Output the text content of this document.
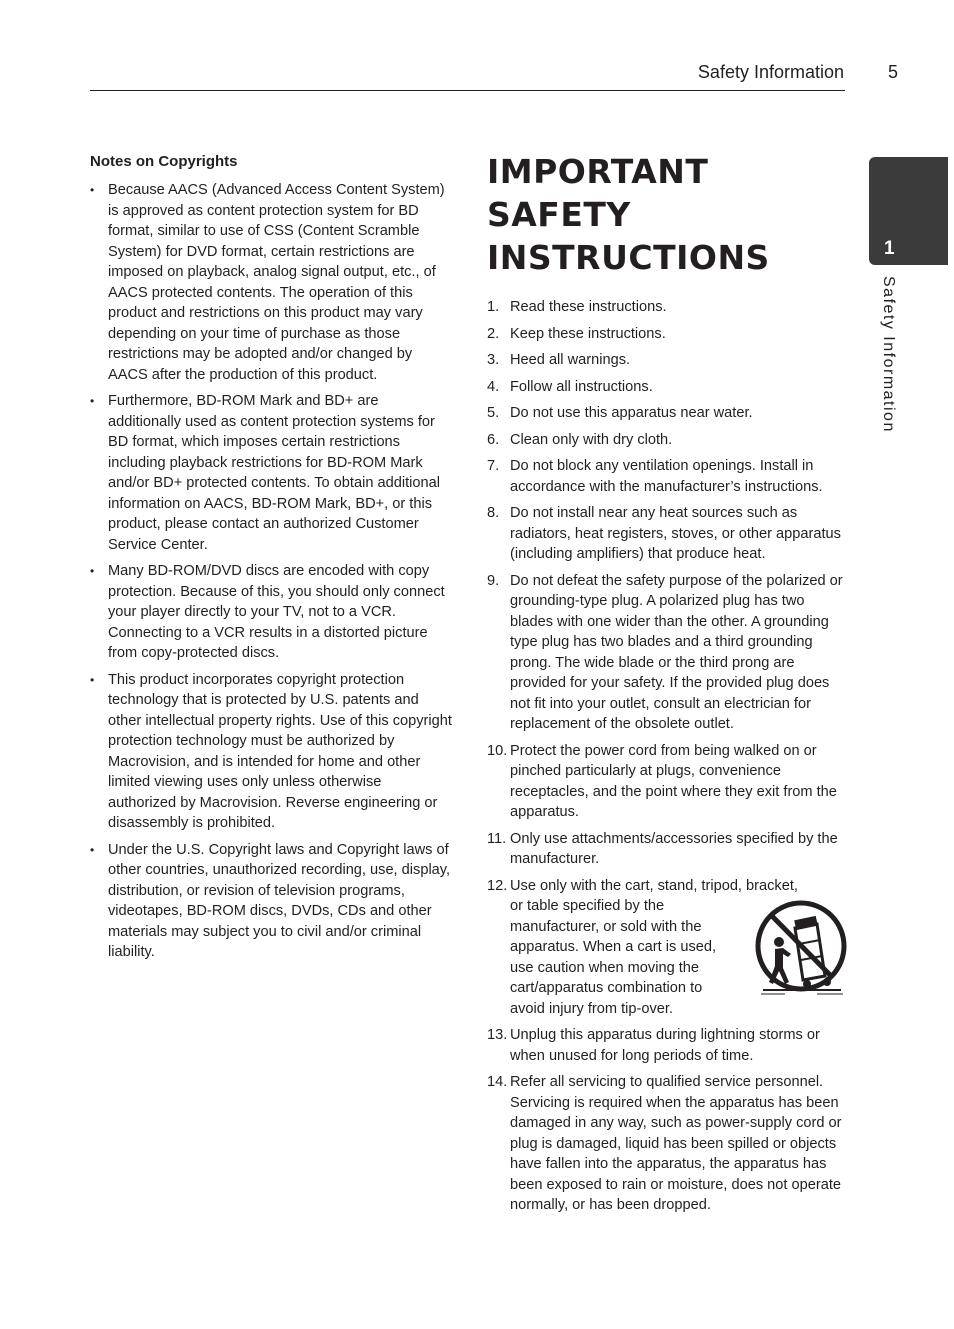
Safety Information 5
1
Safety Information
Notes on Copyrights
• Because AACS (Advanced Access Content System) is approved as content protection system for BD format, similar to use of CSS (Content Scramble System) for DVD format, certain restrictions are imposed on playback, analog signal output, etc., of AACS protected contents. The operation of this product and restrictions on this product may vary depending on your time of purchase as those restrictions may be adopted and/or changed by AACS after the production of this product.
• Furthermore, BD-ROM Mark and BD+ are additionally used as content protection systems for BD format, which imposes certain restrictions including playback restrictions for BD-ROM Mark and/or BD+ protected contents. To obtain additional information on AACS, BD-ROM Mark, BD+, or this product, please contact an authorized Customer Service Center.
• Many BD-ROM/DVD discs are encoded with copy protection. Because of this, you should only connect your player directly to your TV, not to a VCR. Connecting to a VCR results in a distorted picture from copy-protected discs.
• This product incorporates copyright protection technology that is protected by U.S. patents and other intellectual property rights. Use of this copyright protection technology must be authorized by Macrovision, and is intended for home and other limited viewing uses only unless otherwise authorized by Macrovision. Reverse engineering or disassembly is prohibited.
• Under the U.S. Copyright laws and Copyright laws of other countries, unauthorized recording, use, display, distribution, or revision of television programs, videotapes, BD-ROM discs, DVDs, CDs and other materials may subject you to civil and/or criminal liability.
IMPORTANT SAFETY
INSTRUCTIONS
1. Read these instructions.
2. Keep these instructions.
3. Heed all warnings.
4. Follow all instructions.
5. Do not use this apparatus near water.
6. Clean only with dry cloth.
7. Do not block any ventilation openings. Install in accordance with the manufacturer’s instructions.
8. Do not install near any heat sources such as radiators, heat registers, stoves, or other apparatus (including amplifiers) that produce heat.
9. Do not defeat the safety purpose of the polarized or grounding-type plug. A polarized plug has two blades with one wider than the other. A grounding type plug has two blades and a third grounding prong. The wide blade or the third prong are provided for your safety. If the provided plug does not fit into your outlet, consult an electrician for replacement of the obsolete outlet.
10. Protect the power cord from being walked on or pinched particularly at plugs, convenience receptacles, and the point where they exit from the apparatus.
11. Only use attachments/accessories specified by the manufacturer.
12. Use only with the cart, stand, tripod, bracket,
or table specified by the manufacturer, or sold with the apparatus. When a cart is used, use caution when moving the cart/apparatus combination to avoid injury from tip-over.
13. Unplug this apparatus during lightning storms or when unused for long periods of time.
14. Refer all servicing to qualified service personnel. Servicing is required when the apparatus has been damaged in any way, such as power-supply cord or plug is damaged, liquid has been spilled or objects have fallen into the apparatus, the apparatus has been exposed to rain or moisture, does not operate normally, or has been dropped.
